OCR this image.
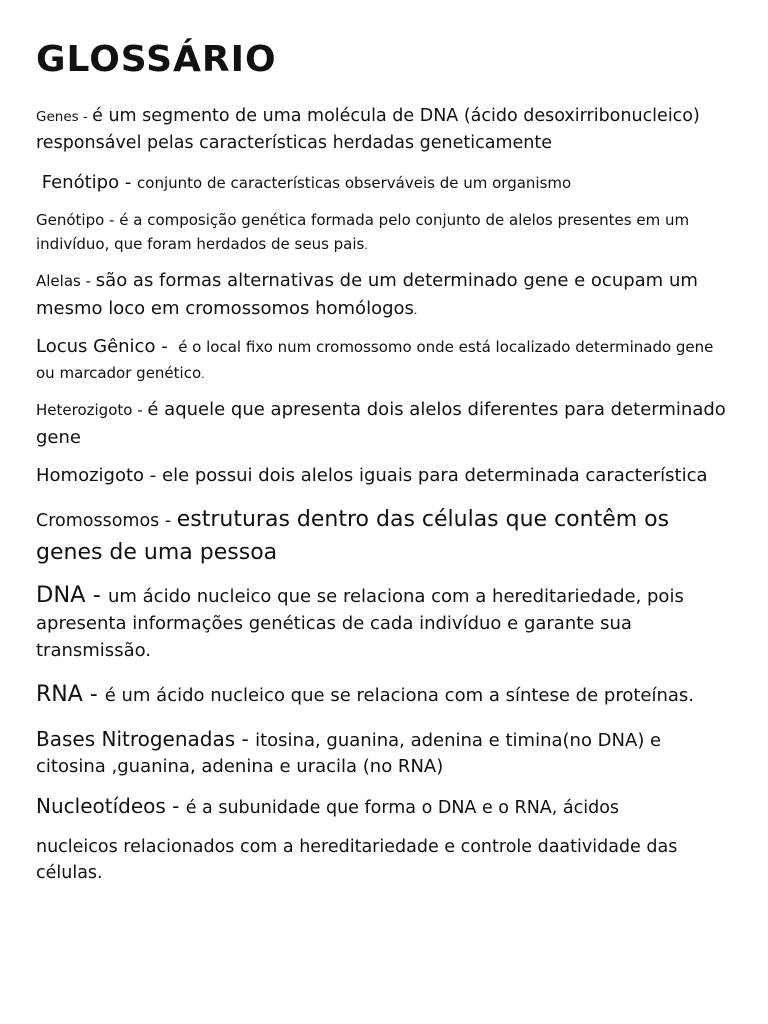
GLOSSÁRIO

Genes - é um segmento de uma molécula de DNA (ácido desoxirribonucleico) responsável pelas características herdadas geneticamente

Fenótipo - conjunto de características observáveis de um organismo

Genótipo - é a composição genética formada pelo conjunto de alelos presentes em um indivíduo, que foram herdados de seus pais.

Alelas - são as formas alternativas de um determinado gene e ocupam um mesmo loco em cromossomos homólogos.

Locus Gênico -  é o local fixo num cromossomo onde está localizado determinado gene ou marcador genético.

Heterozigoto - é aquele que apresenta dois alelos diferentes para determinado gene

Homozigoto - ele possui dois alelos iguais para determinada característica

Cromossomos - estruturas dentro das células que contêm os genes de uma pessoa

DNA - um ácido nucleico que se relaciona com a hereditariedade, pois apresenta informações genéticas de cada indivíduo e garante sua transmissão.

RNA - é um ácido nucleico que se relaciona com a síntese de proteínas.

Bases Nitrogenadas - itosina, guanina, adenina e timina(no DNA) e citosina ,guanina, adenina e uracila (no RNA)

Nucleotídeos - é a subunidade que forma o DNA e o RNA, ácidos

nucleicos relacionados com a hereditariedade e controle daatividade das células.
